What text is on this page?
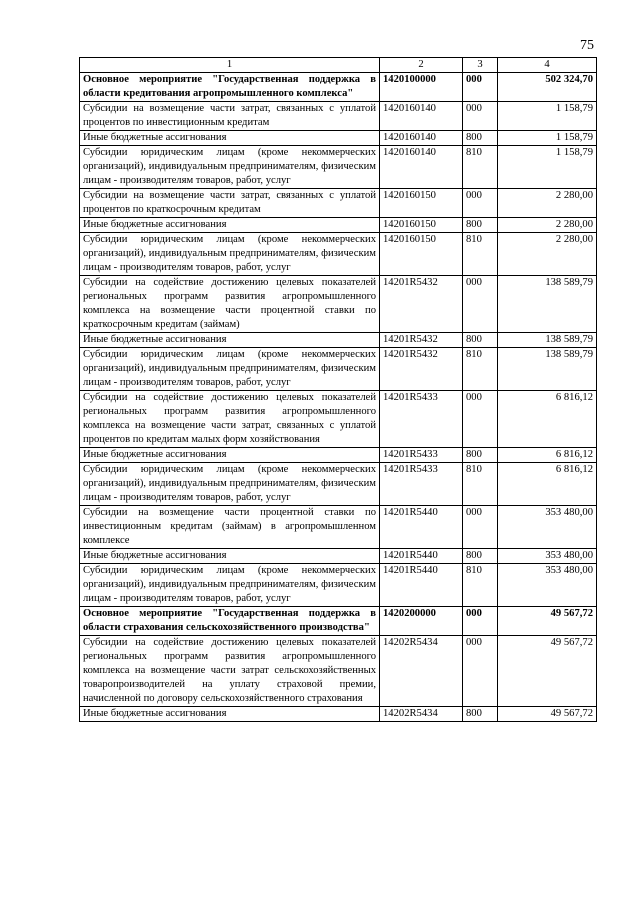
75
1	2	3	4
Основное мероприятие "Государственная поддержка в области кредитования агропромышленного комплекса"	1420100000	000	502 324,70
Субсидии на возмещение части затрат, связанных с уплатой процентов по инвестиционным кредитам	1420160140	000	1 158,79
Иные бюджетные ассигнования	1420160140	800	1 158,79
Субсидии юридическим лицам (кроме некоммерческих организаций), индивидуальным предпринимателям, физическим лицам - производителям товаров, работ, услуг	1420160140	810	1 158,79
Субсидии на возмещение части затрат, связанных с уплатой процентов по краткосрочным кредитам	1420160150	000	2 280,00
Иные бюджетные ассигнования	1420160150	800	2 280,00
Субсидии юридическим лицам (кроме некоммерческих организаций), индивидуальным предпринимателям, физическим лицам - производителям товаров, работ, услуг	1420160150	810	2 280,00
Субсидии на содействие достижению целевых показателей региональных программ развития агропромышленного комплекса на возмещение части процентной ставки по краткосрочным кредитам (займам)	14201R5432	000	138 589,79
Иные бюджетные ассигнования	14201R5432	800	138 589,79
Субсидии юридическим лицам (кроме некоммерческих организаций), индивидуальным предпринимателям, физическим лицам - производителям товаров, работ, услуг	14201R5432	810	138 589,79
Субсидии на содействие достижению целевых показателей региональных программ развития агропромышленного комплекса на возмещение части затрат, связанных с уплатой процентов по кредитам малых форм хозяйствования	14201R5433	000	6 816,12
Иные бюджетные ассигнования	14201R5433	800	6 816,12
Субсидии юридическим лицам (кроме некоммерческих организаций), индивидуальным предпринимателям, физическим лицам - производителям товаров, работ, услуг	14201R5433	810	6 816,12
Субсидии на возмещение части процентной ставки по инвестиционным кредитам (займам) в агропромышленном комплексе	14201R5440	000	353 480,00
Иные бюджетные ассигнования	14201R5440	800	353 480,00
Субсидии юридическим лицам (кроме некоммерческих организаций), индивидуальным предпринимателям, физическим лицам - производителям товаров, работ, услуг	14201R5440	810	353 480,00
Основное мероприятие "Государственная поддержка в области страхования сельскохозяйственного производства"	1420200000	000	49 567,72
Субсидии на содействие достижению целевых показателей региональных программ развития агропромышленного комплекса на возмещение части затрат сельскохозяйственных товаропроизводителей на уплату страховой премии, начисленной по договору сельскохозяйственного страхования	14202R5434	000	49 567,72
Иные бюджетные ассигнования	14202R5434	800	49 567,72
